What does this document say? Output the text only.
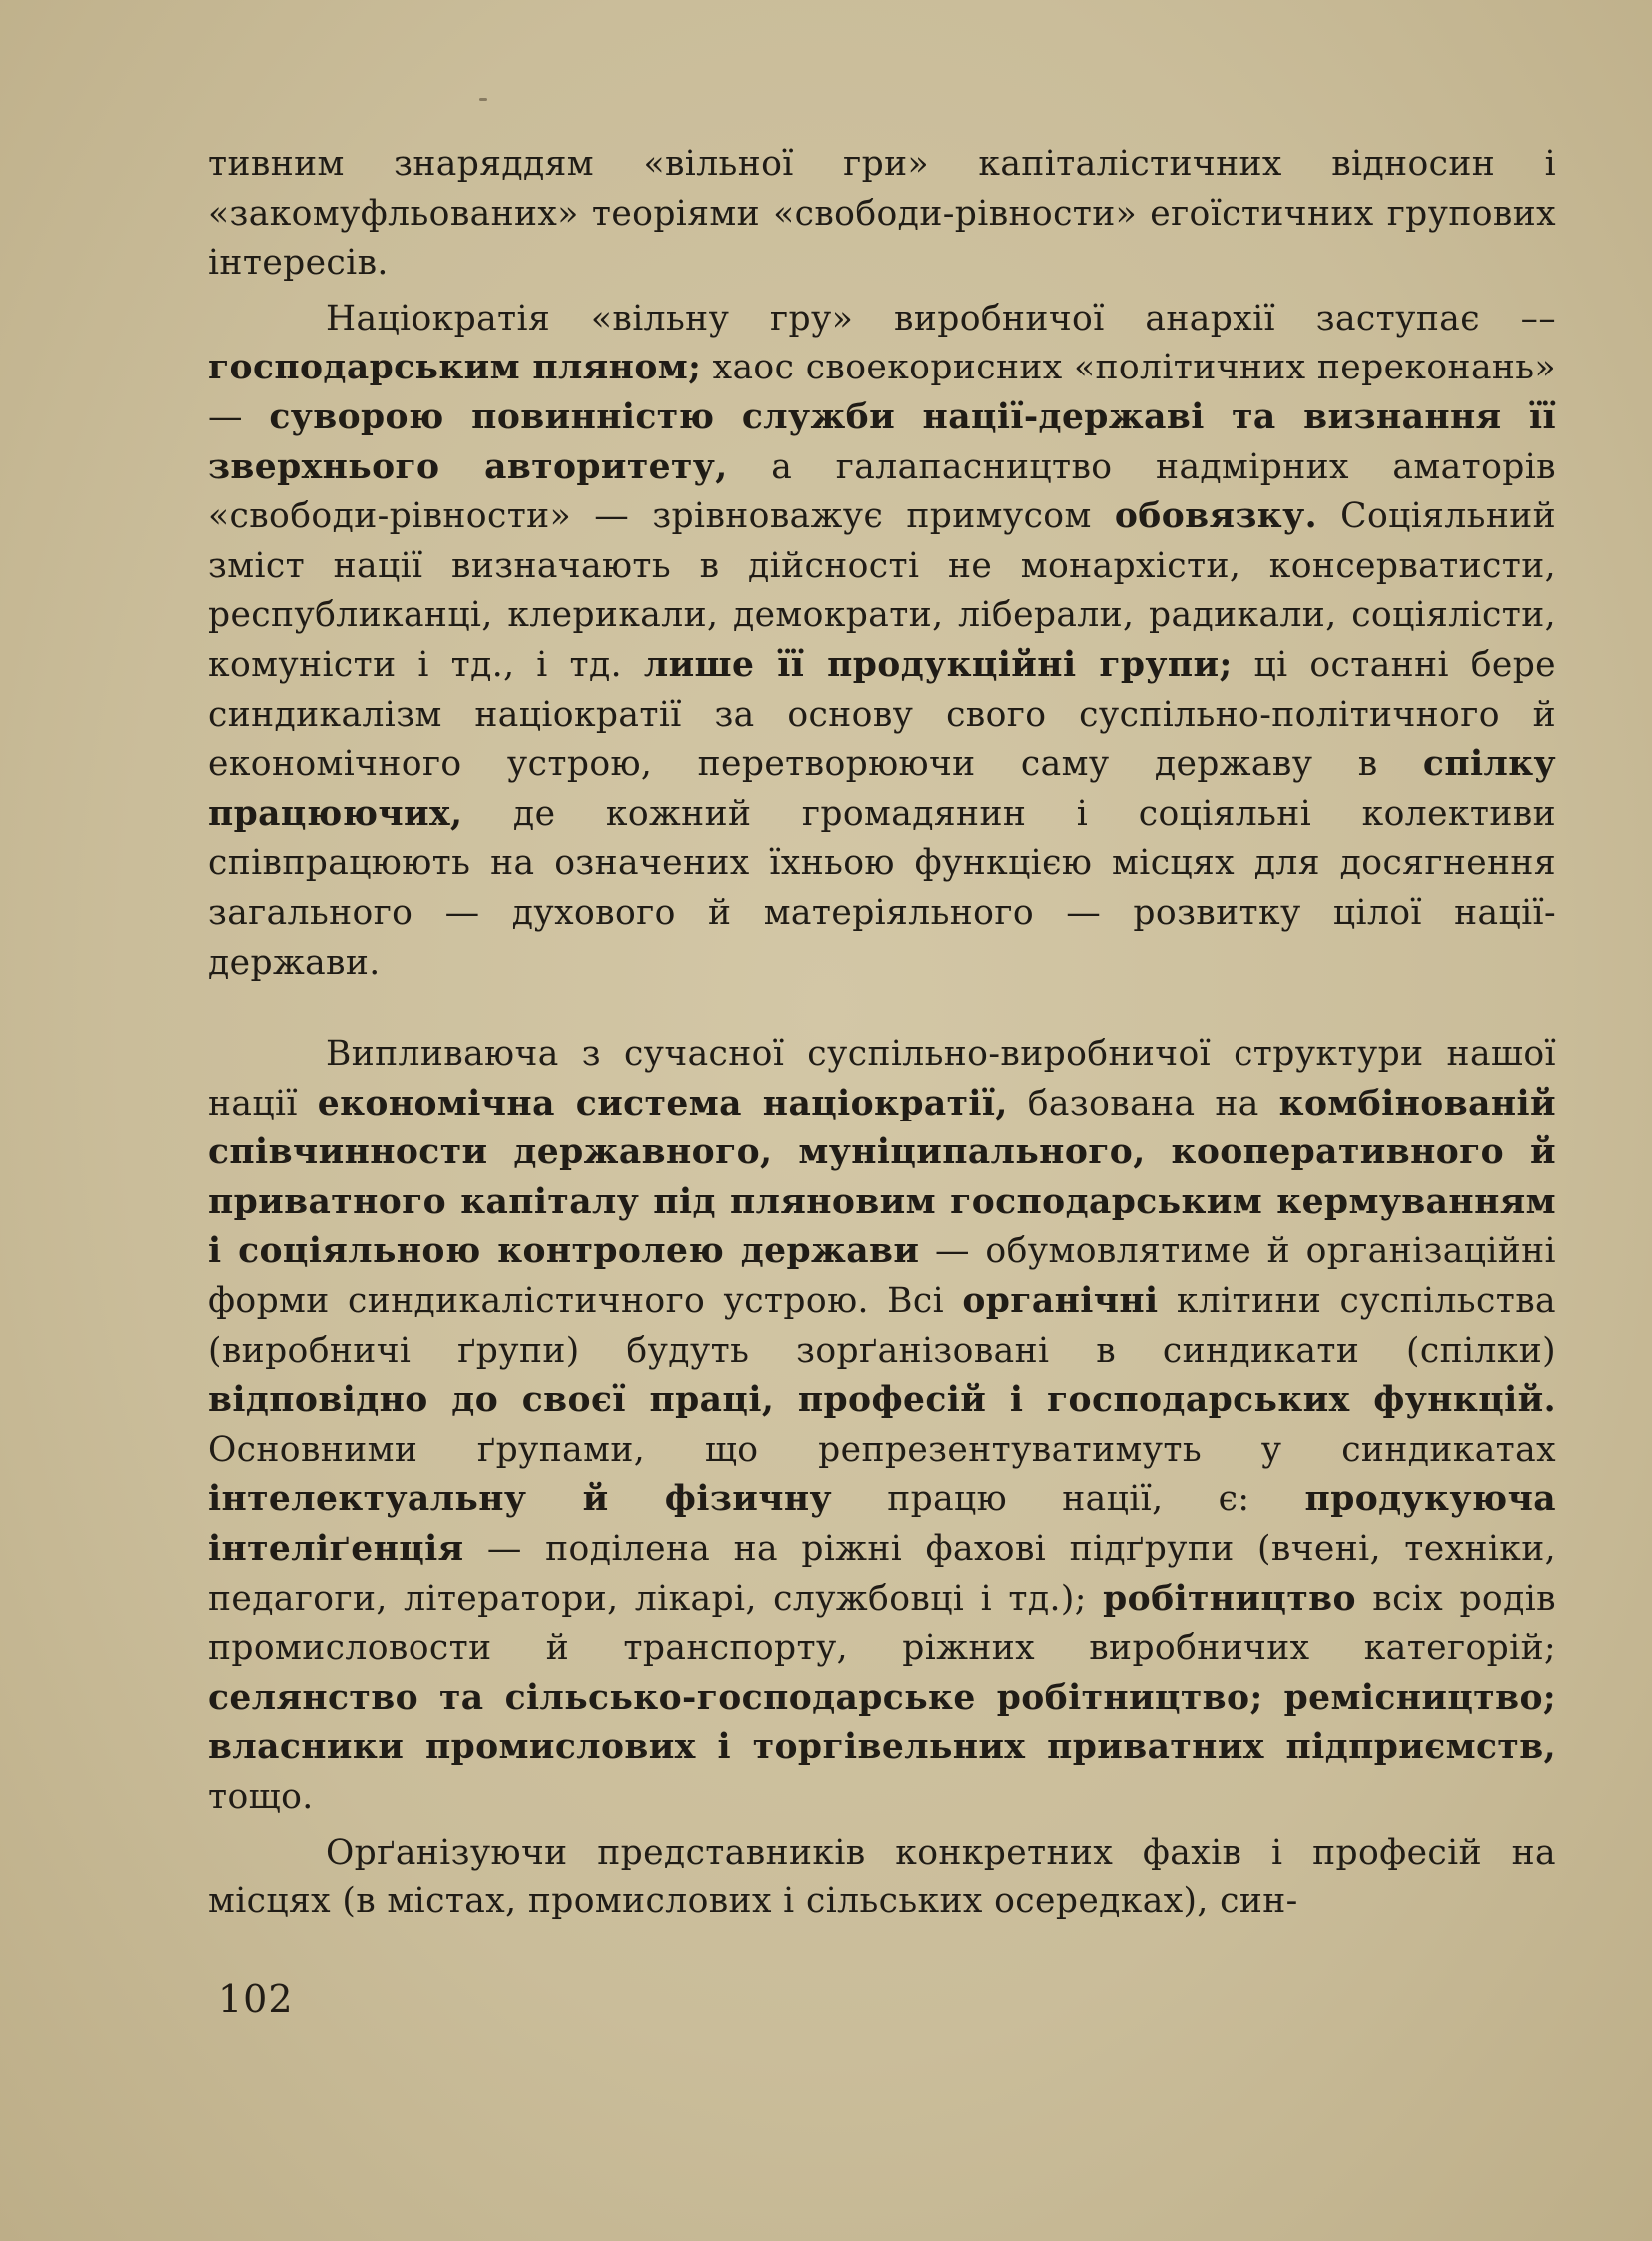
тивним знаряддям «вільної гри» капіталістичних відносин і «закомуфльованих» теоріями «свободи-рівности» егоїстичних групових інтересів.

Націократія «вільну гру» виробничої анархії заступає –– господарським пляном; хаос своекорисних «політичних переконань» — суворою повинністю служби нації-державі та визнання її зверхнього авторитету, а галапасництво надмірних аматорів «свободи-рівности» — зрівноважує примусом обовязку. Соціяльний зміст нації визначають в дійсності не монархісти, консерватисти, республиканці, клерикали, демократи, ліберали, радикали, соціялісти, комуністи і тд., і тд. лише її продукційні групи; ці останні бере синдикалізм націократії за основу свого суспільно-політичного й економічного устрою, перетворюючи саму державу в спілку працюючих, де кожний громадянин і соціяльні колективи співпрацюють на означених їхньою функцією місцях для досягнення загального — духового й матеріяльного — розвитку цілої нації-держави.

Випливаюча з сучасної суспільно-виробничої структури нашої нації економічна система націократії, базована на комбінованій співчинности державного, муніципального, кооперативного й приватного капіталу під пляновим господарським кермуванням і соціяльною контролею держави — обумовлятиме й організаційні форми синдикалістичного устрою. Всі органічні клітини суспільства (виробничі ґрупи) будуть зорґанізовані в синдикати (спілки) відповідно до своєї праці, професій і господарських функцій. Основними ґрупами, що репрезентуватимуть у синдикатах інтелектуальну й фізичну працю нації, є: продукуюча інтеліґенція — поділена на ріжні фахові підґрупи (вчені, техніки, педагоги, літератори, лікарі, службовці і тд.); робітництво всіх родів промисловости й транспорту, ріжних виробничих категорій; селянство та сільсько-господарське робітництво; ремісництво; власники промислових і торгівельних приватних підприємств, тощо.

Орґанізуючи представників конкретних фахів і професій на місцях (в містах, промислових і сільських осередках), син-

102
